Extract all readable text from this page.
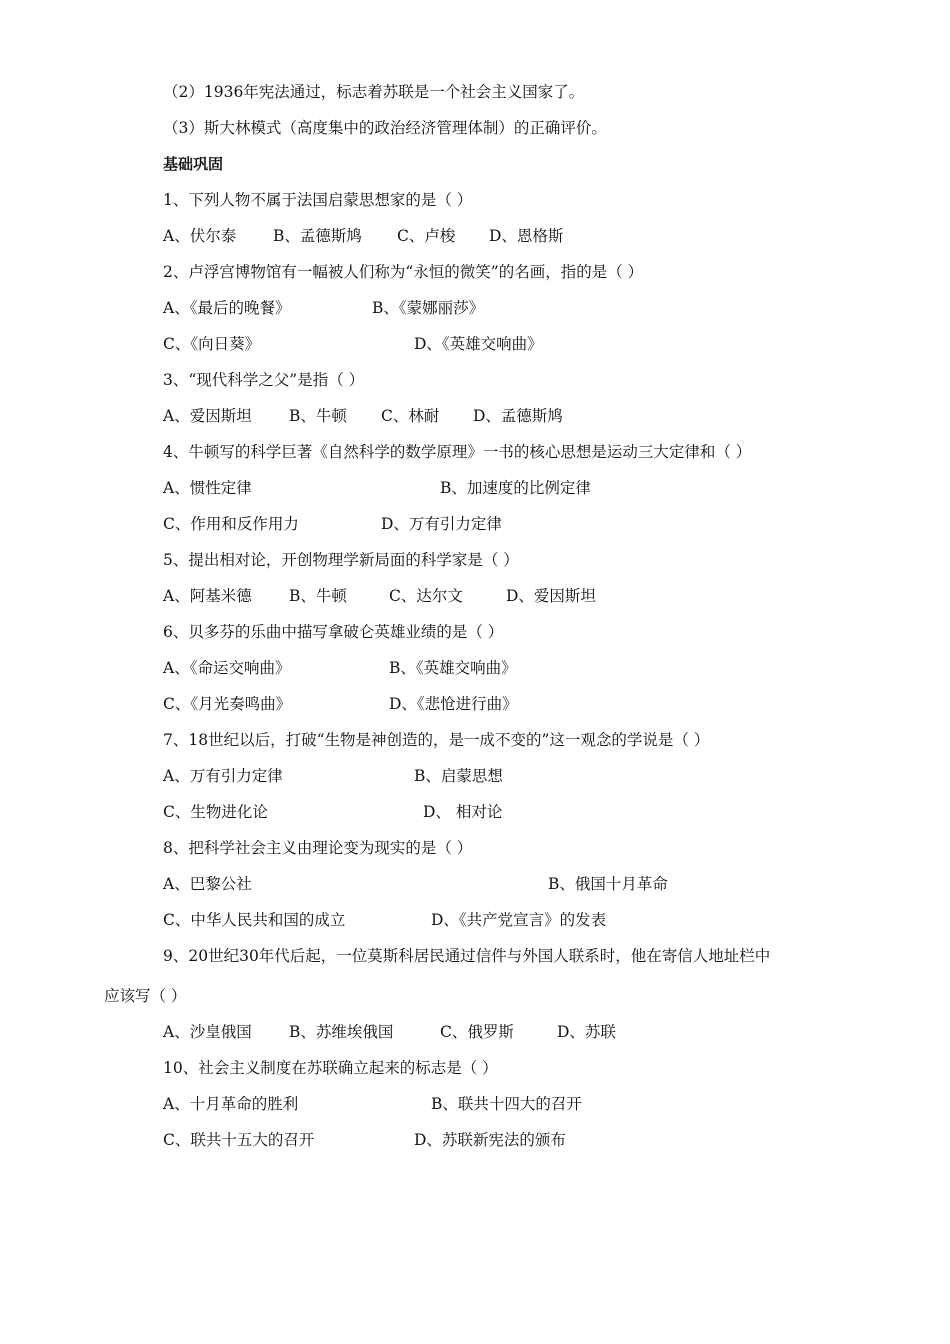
（2）1936年宪法通过，标志着苏联是一个社会主义国家了。
（3）斯大林模式（高度集中的政治经济管理体制）的正确评价。
基础巩固
1、下列人物不属于法国启蒙思想家的是（ ）
A、伏尔泰 B、孟德斯鸠 C、卢梭 D、恩格斯
2、卢浮宫博物馆有一幅被人们称为“永恒的微笑”的名画，指的是（ ）
A、《最后的晚餐》	B、《蒙娜丽莎》
C、《向日葵》	D、《英雄交响曲》
3、“现代科学之父”是指（ ）
A、爱因斯坦 B、牛顿 C、林耐 D、孟德斯鸠
4、牛顿写的科学巨著《自然科学的数学原理》一书的核心思想是运动三大定律和（ ）
A、惯性定律	B、加速度的比例定律
C、作用和反作用力	D、万有引力定律
5、提出相对论，开创物理学新局面的科学家是（ ）
A、阿基米德 B、牛顿	C、达尔文	D、爱因斯坦
6、贝多芬的乐曲中描写拿破仑英雄业绩的是（ ）
A、《命运交响曲》	B、《英雄交响曲》
C、《月光奏鸣曲》	D、《悲怆进行曲》
7、18世纪以后，打破“生物是神创造的，是一成不变的”这一观念的学说是（ ）
A、万有引力定律	B、启蒙思想
C、生物进化论	D、 相对论
8、把科学社会主义由理论变为现实的是（ ）
A、巴黎公社	B、俄国十月革命
C、中华人民共和国的成立	D、《共产党宣言》的发表
9、20世纪30年代后起，一位莫斯科居民通过信件与外国人联系时，他在寄信人地址栏中
应该写（ ）
A、沙皇俄国 B、苏维埃俄国	C、俄罗斯	D、苏联
10、社会主义制度在苏联确立起来的标志是（ ）
A、十月革命的胜利	B、联共十四大的召开
C、联共十五大的召开	D、苏联新宪法的颁布
